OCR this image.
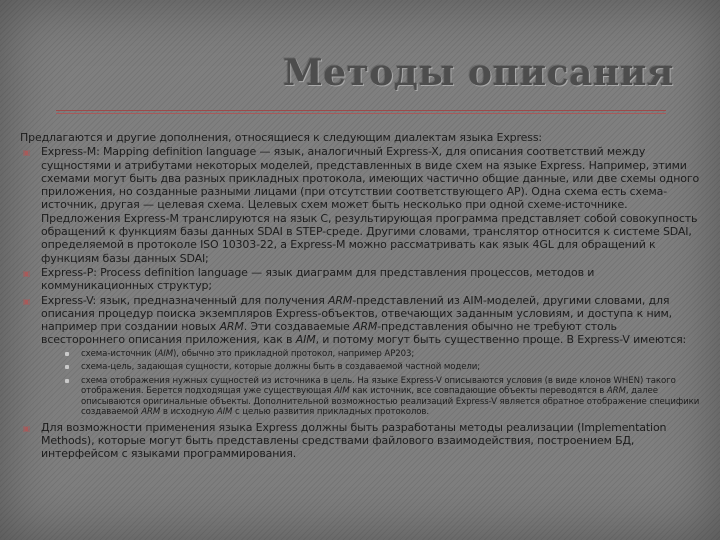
Методы описания

Предлагаются и другие дополнения, относящиеся к следующим диалектам языка Express:

▣ Express-M: Mapping definition language — язык, аналогичный Express-X, для описания соответствий между сущностями и атрибутами некоторых моделей, представленных в виде схем на языке Express. Например, этими схемами могут быть два разных прикладных протокола, имеющих частично общие данные, или две схемы одного приложения, но созданные разными лицами (при отсутствии соответствующего AP). Одна схема есть схема-источник, другая — целевая схема. Целевых схем может быть несколько при одной схеме-источнике. Предложения Express-M транслируются на язык С, результирующая программа представляет собой совокупность обращений к функциям базы данных SDAI в STEP-среде. Другими словами, транслятор относится к системе SDAI, определяемой в протоколе ISO 10303-22, а Express-M можно рассматривать как язык 4GL для обращений к функциям базы данных SDAI;
▣ Express-P: Process definition language — язык диаграмм для представления процессов, методов и коммуникационных структур;
▣ Express-V: язык, предназначенный для получения ARM-представлений из AIM-моделей, другими словами, для описания процедур поиска экземпляров Express-объектов, отвечающих заданным условиям, и доступа к ним, например при создании новых ARM. Эти создаваемые ARM-представления обычно не требуют столь всестороннего описания приложения, как в AIM, и потому могут быть существенно проще. В Express-V имеются:
схема-источник (AIM), обычно это прикладной протокол, например AP203;
схема-цель, задающая сущности, которые должны быть в создаваемой частной модели;
схема отображения нужных сущностей из источника в цель. На языке Express-V описываются условия (в виде клонов WHEN) такого отображения. Берется подходящая уже существующая AIM как источник, все совпадающие объекты переводятся в ARM, далее описываются оригинальные объекты. Дополнительной возможностью реализаций Express-V является обратное отображение специфики создаваемой ARM в исходную AIM с целью развития прикладных протоколов.
▣ Для возможности применения языка Express должны быть разработаны методы реализации (Implementation Methods), которые могут быть представлены средствами файлового взаимодействия, построением БД, интерфейсом с языками программирования.
